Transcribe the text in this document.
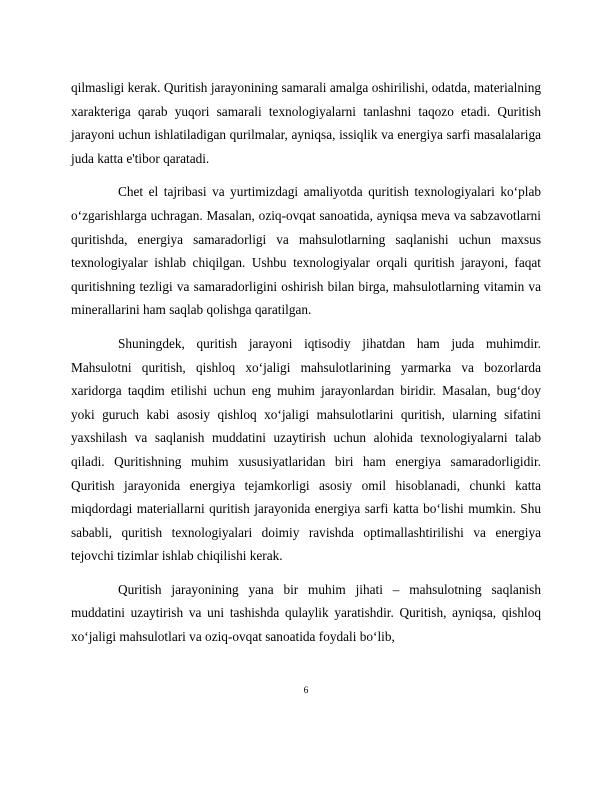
qilmasligi kerak. Quritish jarayonining samarali amalga oshirilishi, odatda, materialning xarakteriga qarab yuqori samarali texnologiyalarni tanlashni taqozo etadi. Quritish jarayoni uchun ishlatiladigan qurilmalar, ayniqsa, issiqlik va energiya sarfi masalalariga juda katta e'tibor qaratadi.

Chet el tajribasi va yurtimizdagi amaliyotda quritish texnologiyalari ko‘plab o‘zgarishlarga uchragan. Masalan, oziq-ovqat sanoatida, ayniqsa meva va sabzavotlarni quritishda, energiya samaradorligi va mahsulotlarning saqlanishi uchun maxsus texnologiyalar ishlab chiqilgan. Ushbu texnologiyalar orqali quritish jarayoni, faqat quritishning tezligi va samaradorligini oshirish bilan birga, mahsulotlarning vitamin va minerallarini ham saqlab qolishga qaratilgan.

Shuningdek, quritish jarayoni iqtisodiy jihatdan ham juda muhimdir. Mahsulotni quritish, qishloq xo‘jaligi mahsulotlarining yarmarka va bozorlarda xaridorga taqdim etilishi uchun eng muhim jarayonlardan biridir. Masalan, bug‘doy yoki guruch kabi asosiy qishloq xo‘jaligi mahsulotlarini quritish, ularning sifatini yaxshilash va saqlanish muddatini uzaytirish uchun alohida texnologiyalarni talab qiladi. Quritishning muhim xususiyatlaridan biri ham energiya samaradorligidir. Quritish jarayonida energiya tejamkorligi asosiy omil hisoblanadi, chunki katta miqdordagi materiallarni quritish jarayonida energiya sarfi katta bo‘lishi mumkin. Shu sababli, quritish texnologiyalari doimiy ravishda optimallashtirilishi va energiya tejovchi tizimlar ishlab chiqilishi kerak.

Quritish jarayonining yana bir muhim jihati – mahsulotning saqlanish muddatini uzaytirish va uni tashishda qulaylik yaratishdir. Quritish, ayniqsa, qishloq xo‘jaligi mahsulotlari va oziq-ovqat sanoatida foydali bo‘lib,

6
